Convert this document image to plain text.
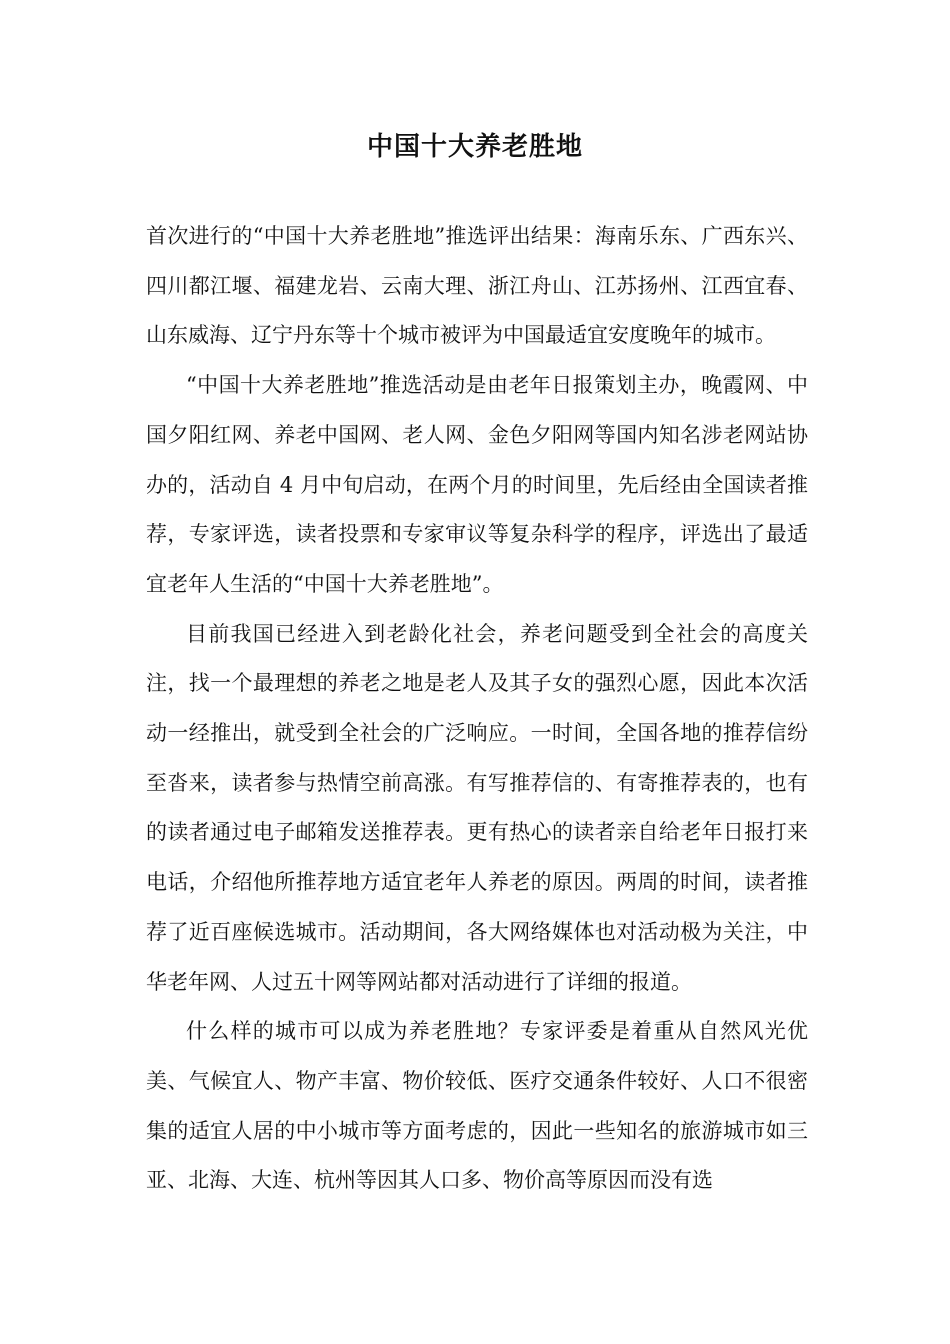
中国十大养老胜地

首次进行的“中国十大养老胜地”推选评出结果：海南乐东、广西东兴、四川都江堰、福建龙岩、云南大理、浙江舟山、江苏扬州、江西宜春、山东威海、辽宁丹东等十个城市被评为中国最适宜安度晚年的城市。

“中国十大养老胜地”推选活动是由老年日报策划主办，晚霞网、中国夕阳红网、养老中国网、老人网、金色夕阳网等国内知名涉老网站协办的，活动自 4 月中旬启动，在两个月的时间里，先后经由全国读者推荐，专家评选，读者投票和专家审议等复杂科学的程序，评选出了最适宜老年人生活的“中国十大养老胜地”。

目前我国已经进入到老龄化社会，养老问题受到全社会的高度关注，找一个最理想的养老之地是老人及其子女的强烈心愿，因此本次活动一经推出，就受到全社会的广泛响应。一时间，全国各地的推荐信纷至沓来，读者参与热情空前高涨。有写推荐信的、有寄推荐表的，也有的读者通过电子邮箱发送推荐表。更有热心的读者亲自给老年日报打来电话，介绍他所推荐地方适宜老年人养老的原因。两周的时间，读者推荐了近百座候选城市。活动期间，各大网络媒体也对活动极为关注，中华老年网、人过五十网等网站都对活动进行了详细的报道。

什么样的城市可以成为养老胜地？专家评委是着重从自然风光优美、气候宜人、物产丰富、物价较低、医疗交通条件较好、人口不很密集的适宜人居的中小城市等方面考虑的，因此一些知名的旅游城市如三亚、北海、大连、杭州等因其人口多、物价高等原因而没有选
